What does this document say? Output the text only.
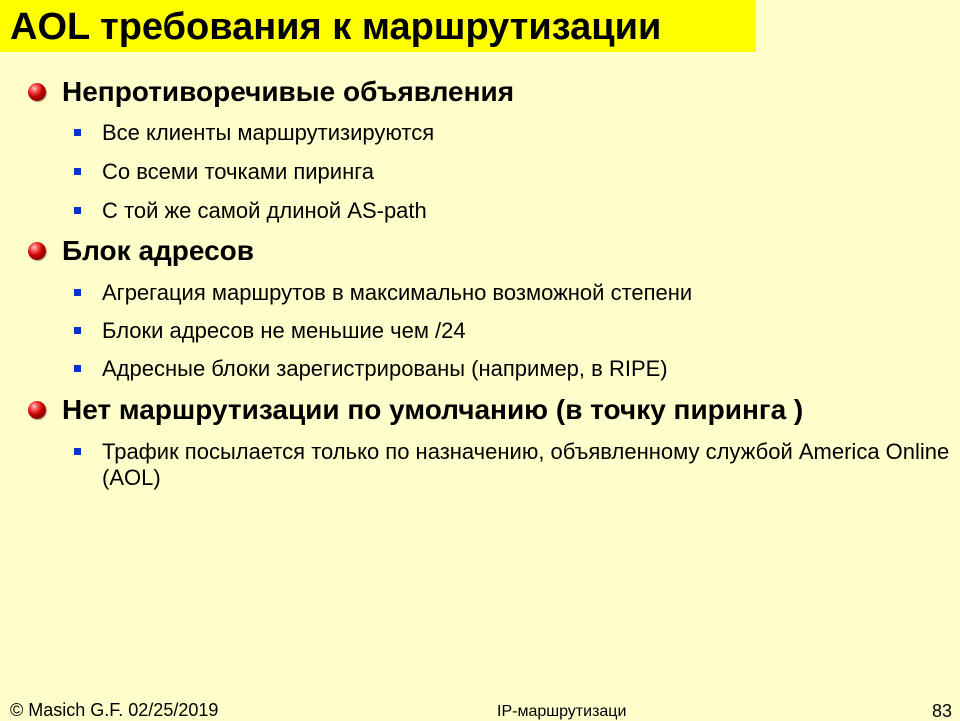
AOL требования к маршрутизации
Непротиворечивые объявления
Все клиенты маршрутизируются
Со всеми точками пиринга
С той же самой длиной AS-path
Блок адресов
Агрегация маршрутов в максимально возможной степени
Блоки адресов не меньшие чем /24
Адресные блоки зарегистрированы (например, в RIPE)
Нет маршрутизации по умолчанию (в точку пиринга )
Трафик посылается только по назначению, объявленному службой America Online (AOL)
© Masich G.F. 02/25/2019	IP-маршрутизаци	83
